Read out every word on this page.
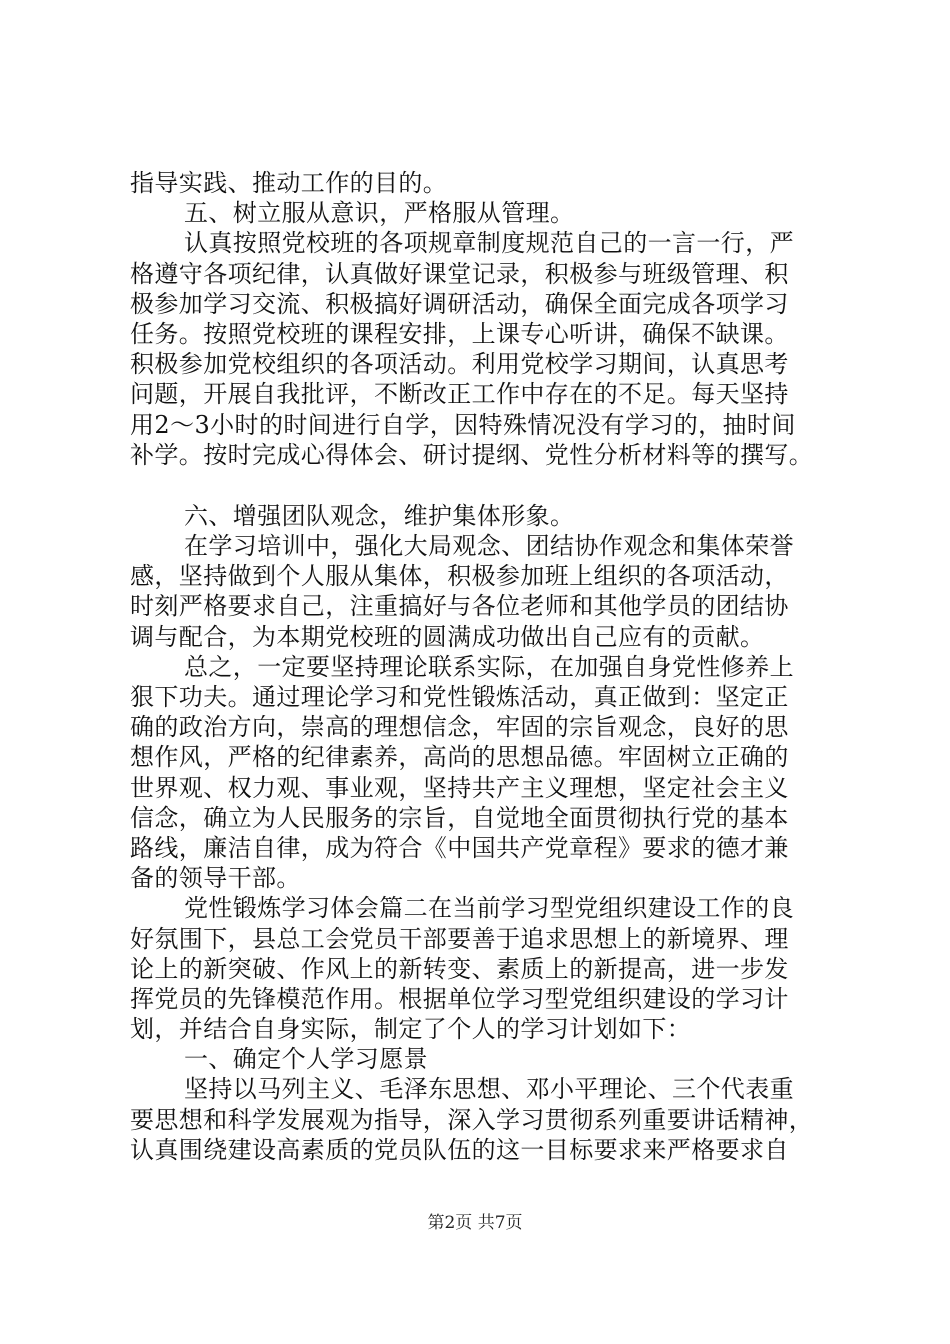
指导实践、推动工作的目的。
五、树立服从意识，严格服从管理。
认真按照党校班的各项规章制度规范自己的一言一行，严
格遵守各项纪律，认真做好课堂记录，积极参与班级管理、积
极参加学习交流、积极搞好调研活动，确保全面完成各项学习
任务。按照党校班的课程安排，上课专心听讲，确保不缺课。
积极参加党校组织的各项活动。利用党校学习期间，认真思考
问题，开展自我批评，不断改正工作中存在的不足。每天坚持
用2～3小时的时间进行自学，因特殊情况没有学习的，抽时间
补学。按时完成心得体会、研讨提纲、党性分析材料等的撰写。
六、增强团队观念，维护集体形象。
在学习培训中，强化大局观念、团结协作观念和集体荣誉
感，坚持做到个人服从集体，积极参加班上组织的各项活动，
时刻严格要求自己，注重搞好与各位老师和其他学员的团结协
调与配合，为本期党校班的圆满成功做出自己应有的贡献。
总之，一定要坚持理论联系实际，在加强自身党性修养上
狠下功夫。通过理论学习和党性锻炼活动，真正做到：坚定正
确的政治方向，崇高的理想信念，牢固的宗旨观念，良好的思
想作风，严格的纪律素养，高尚的思想品德。牢固树立正确的
世界观、权力观、事业观，坚持共产主义理想，坚定社会主义
信念，确立为人民服务的宗旨，自觉地全面贯彻执行党的基本
路线，廉洁自律，成为符合《中国共产党章程》要求的德才兼
备的领导干部。
党性锻炼学习体会篇二在当前学习型党组织建设工作的良
好氛围下，县总工会党员干部要善于追求思想上的新境界、理
论上的新突破、作风上的新转变、素质上的新提高，进一步发
挥党员的先锋模范作用。根据单位学习型党组织建设的学习计
划，并结合自身实际，制定了个人的学习计划如下：
一、确定个人学习愿景
坚持以马列主义、毛泽东思想、邓小平理论、三个代表重
要思想和科学发展观为指导，深入学习贯彻系列重要讲话精神，
认真围绕建设高素质的党员队伍的这一目标要求来严格要求自
第2页 共7页
